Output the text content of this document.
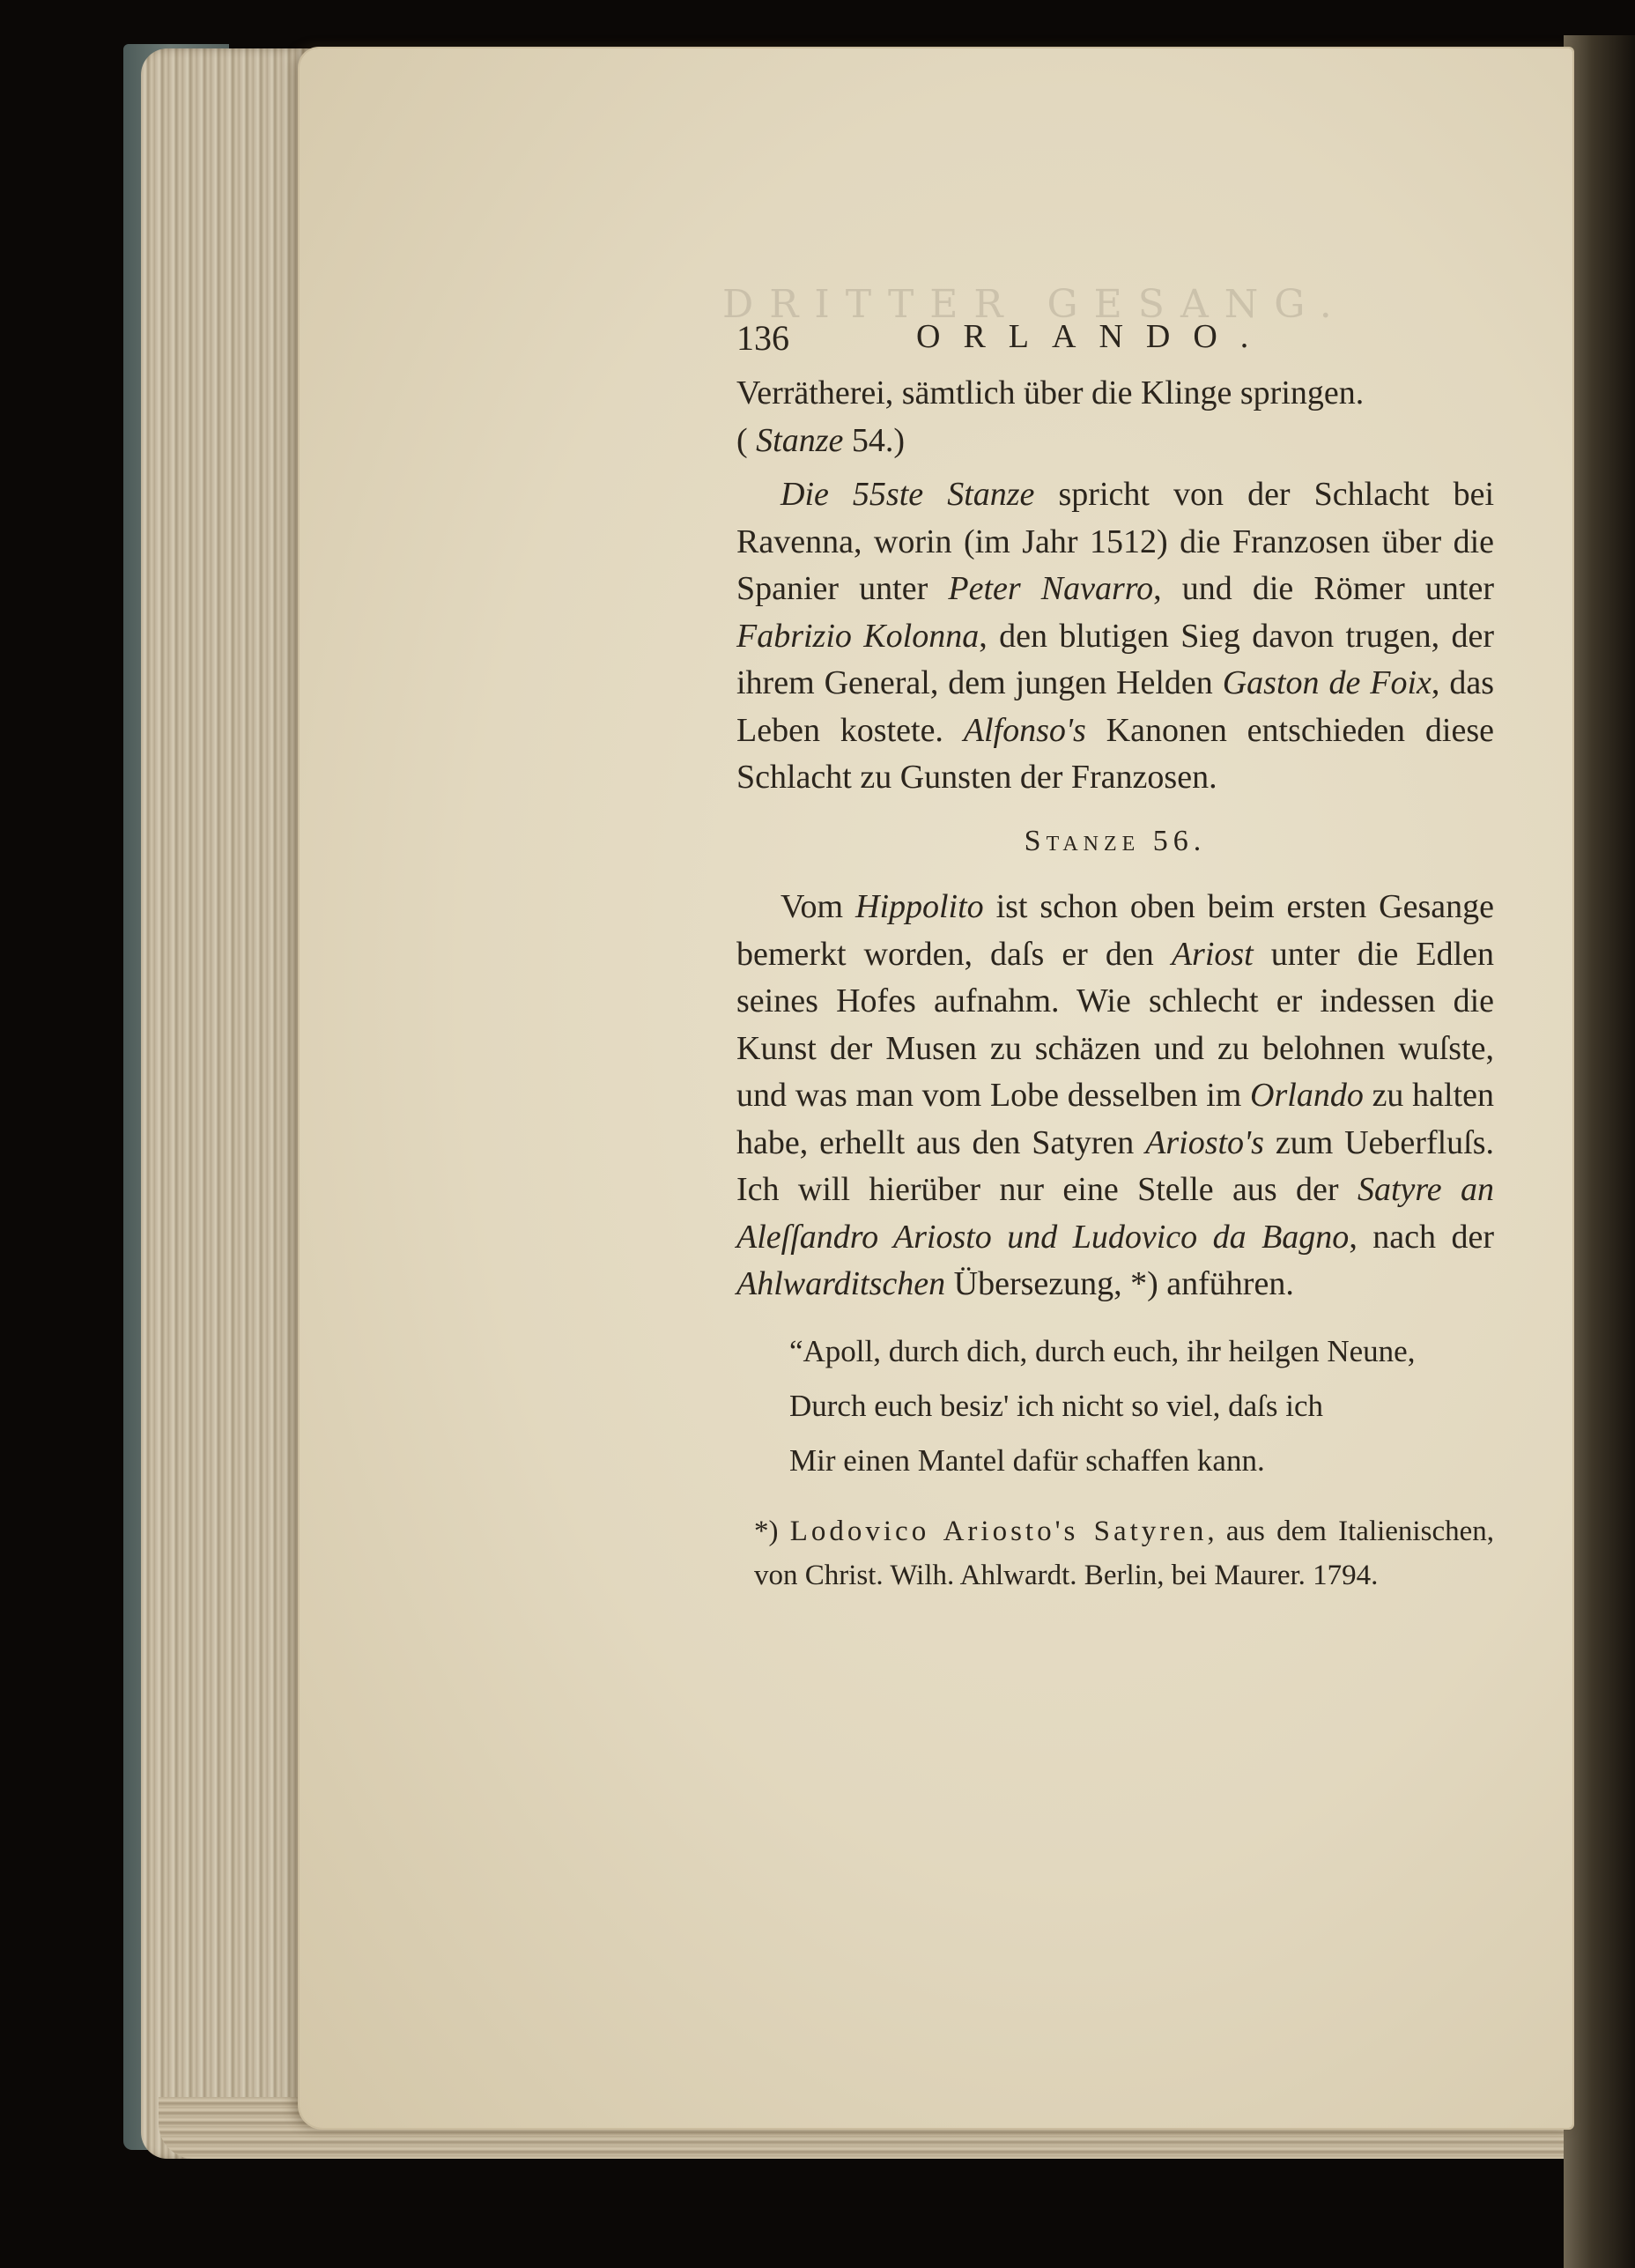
DRITTER GESANG.
136	ORLANDO.

Verrätherei, sämtlich über die Klinge springen.
( Stanze 54.)

Die 55ste Stanze spricht von der Schlacht bei Ravenna, worin (im Jahr 1512) die Franzosen über die Spanier unter Peter Navarro, und die Römer unter Fabrizio Kolonna, den blutigen Sieg davon trugen, der ihrem General, dem jungen Helden Gaston de Foix, das Leben kostete. Alfonso's Kanonen entschieden diese Schlacht zu Gunsten der Franzosen.

Stanze 56.

Vom Hippolito ist schon oben beim ersten Gesange bemerkt worden, daſs er den Ariost unter die Edlen seines Hofes aufnahm. Wie schlecht er indessen die Kunst der Musen zu schäzen und zu belohnen wuſste, und was man vom Lobe desselben im Orlando zu halten habe, erhellt aus den Satyren Ariosto's zum Ueberfluſs. Ich will hierüber nur eine Stelle aus der Satyre an Aleſſandro Ariosto und Ludovico da Bagno, nach der Ahlwarditschen Übersezung, *) anführen.

“Apoll, durch dich, durch euch, ihr heilgen Neune,
Durch euch besiz' ich nicht so viel, daſs ich
Mir einen Mantel dafür schaffen kann.
*) Lodovico Ariosto's Satyren, aus dem Italienischen, von Christ. Wilh. Ahlwardt. Berlin, bei Maurer. 1794.
